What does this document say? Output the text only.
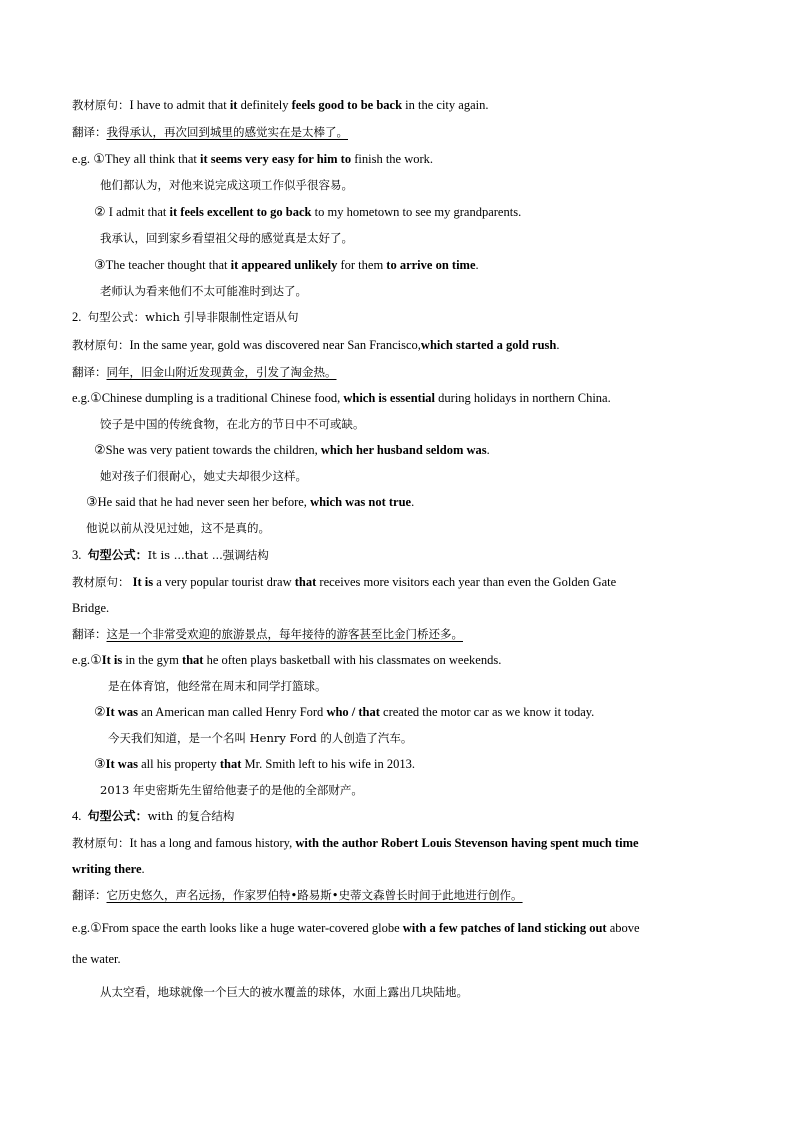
教材原句：I have to admit that it definitely feels good to be back in the city again.
翻译：我得承认，再次回到城里的感觉实在是太棒了。
e.g. ①They all think that it seems very easy for him to finish the work.
他们都认为，对他来说完成这项工作似乎很容易。
② I admit that it feels excellent to go back to my hometown to see my grandparents.
我承认，回到家乡看望祖父母的感觉真是太好了。
③The teacher thought that it appeared unlikely for them to arrive on time.
老师认为看来他们不太可能准时到达了。
2. 句型公式：which 引导非限制性定语从句
教材原句：In the same year, gold was discovered near San Francisco,which started a gold rush.
翻译：同年，旧金山附近发现黄金，引发了淘金热。
e.g.①Chinese dumpling is a traditional Chinese food, which is essential during holidays in northern China.
饺子是中国的传统食物，在北方的节日中不可或缺。
②She was very patient towards the children, which her husband seldom was.
她对孩子们很耐心，她丈夫却很少这样。
③He said that he had never seen her before, which was not true.
他说以前从没见过她，这不是真的。
3. 句型公式：It is ...that ...强调结构
教材原句： It is a very popular tourist draw that receives more visitors each year than even the Golden Gate
Bridge.
翻译：这是一个非常受欢迎的旅游景点，每年接待的游客甚至比金门桥还多。
e.g.①It is in the gym that he often plays basketball with his classmates on weekends.
是在体育馆，他经常在周末和同学打篮球。
②It was an American man called Henry Ford who / that created the motor car as we know it today.
今天我们知道，是一个名叫 Henry Ford 的人创造了汽车。
③It was all his property that Mr. Smith left to his wife in 2013.
2013 年史密斯先生留给他妻子的是他的全部财产。
4. 句型公式：with 的复合结构
教材原句：It has a long and famous history, with the author Robert Louis Stevenson having spent much time
writing there.
翻译：它历史悠久，声名远扬，作家罗伯特•路易斯•史蒂文森曾长时间于此地进行创作。
e.g.①From space the earth looks like a huge water-covered globe with a few patches of land sticking out above
the water.
从太空看，地球就像一个巨大的被水覆盖的球体，水面上露出几块陆地。
